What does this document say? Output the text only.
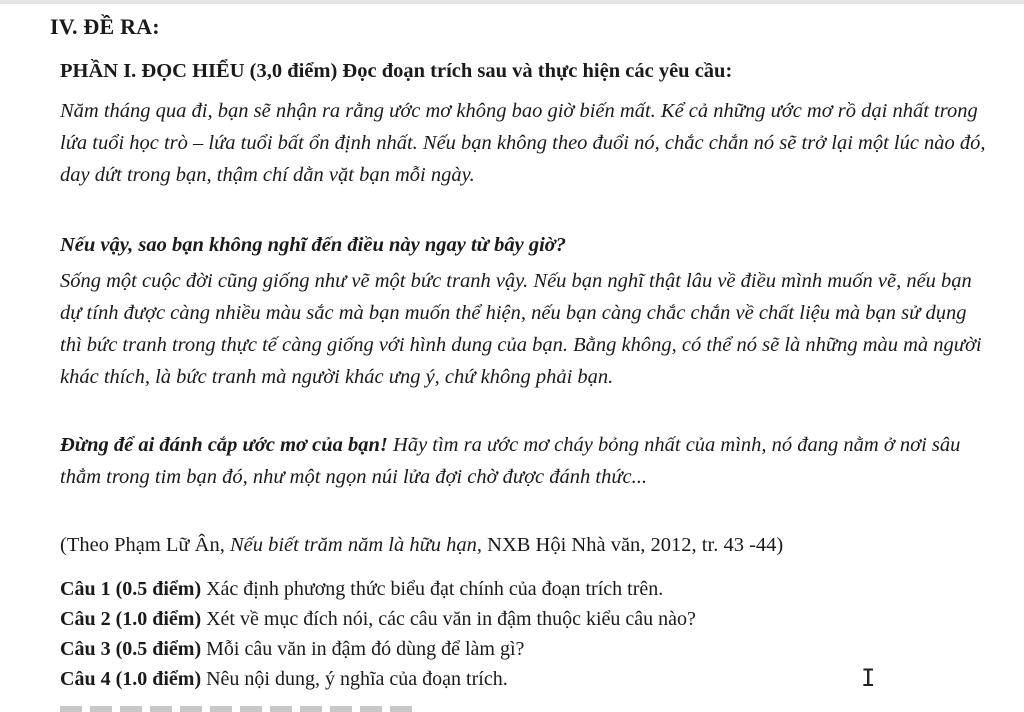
IV. ĐỀ RA:
PHẦN I. ĐỌC HIỂU (3,0 điểm) Đọc đoạn trích sau và thực hiện các yêu cầu:

Năm tháng qua đi, bạn sẽ nhận ra rằng ước mơ không bao giờ biến mất. Kể cả những ước mơ rồ dại nhất trong lứa tuổi học trò – lứa tuổi bất ổn định nhất. Nếu bạn không theo đuổi nó, chắc chắn nó sẽ trở lại một lúc nào đó, day dứt trong bạn, thậm chí dằn vặt bạn mỗi ngày.

Nếu vậy, sao bạn không nghĩ đến điều này ngay từ bây giờ?

Sống một cuộc đời cũng giống như vẽ một bức tranh vậy. Nếu bạn nghĩ thật lâu về điều mình muốn vẽ, nếu bạn dự tính được càng nhiều màu sắc mà bạn muốn thể hiện, nếu bạn càng chắc chắn về chất liệu mà bạn sử dụng thì bức tranh trong thực tế càng giống với hình dung của bạn. Bằng không, có thể nó sẽ là những màu mà người khác thích, là bức tranh mà người khác ưng ý, chứ không phải bạn.

Đừng để ai đánh cắp ước mơ của bạn! Hãy tìm ra ước mơ cháy bỏng nhất của mình, nó đang nằm ở nơi sâu thẳm trong tim bạn đó, như một ngọn núi lửa đợi chờ được đánh thức...

(Theo Phạm Lữ Ân, Nếu biết trăm năm là hữu hạn, NXB Hội Nhà văn, 2012, tr. 43 -44)
Câu 1 (0.5 điểm) Xác định phương thức biểu đạt chính của đoạn trích trên.
Câu 2 (1.0 điểm) Xét về mục đích nói, các câu văn in đậm thuộc kiểu câu nào?
Câu 3 (0.5 điểm) Mỗi câu văn in đậm đó dùng để làm gì?
Câu 4 (1.0 điểm) Nêu nội dung, ý nghĩa của đoạn trích.	I
